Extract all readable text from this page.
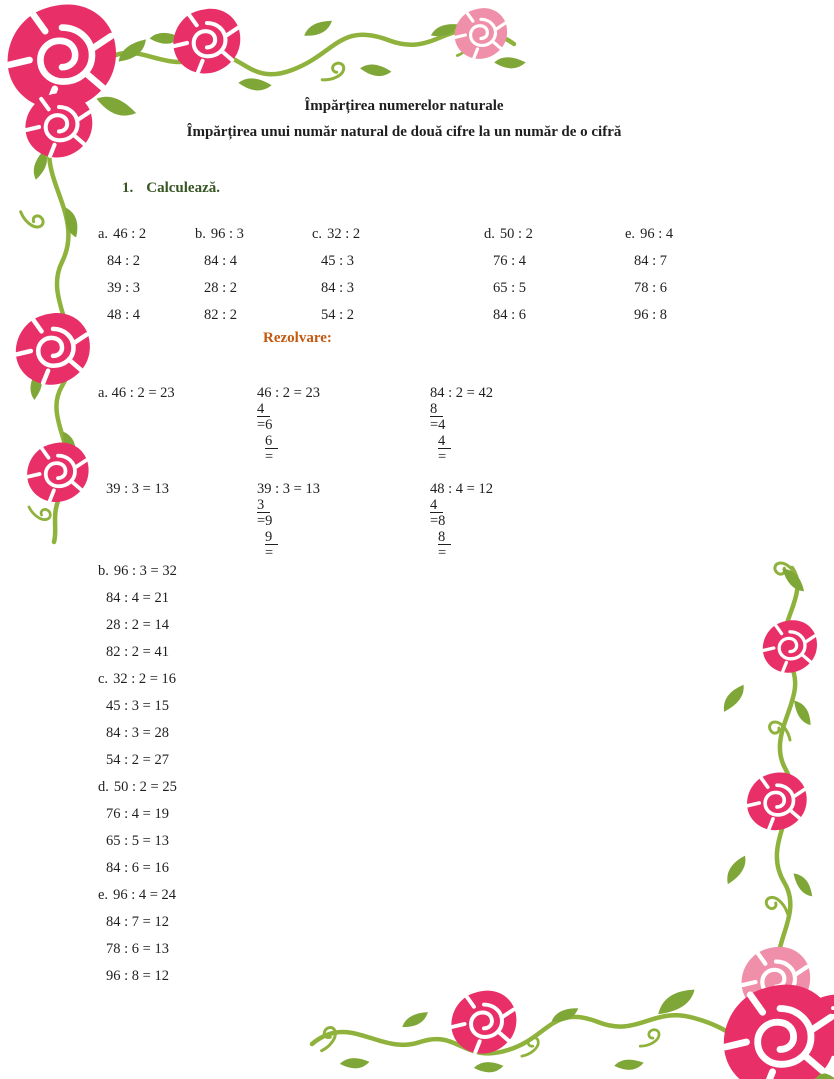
Împărțirea numerelor naturale
Împărțirea unui număr natural de două cifre la un număr de o cifră
1. Calculează.
a. 46 : 2
84 : 2
39 : 3
48 : 4
b. 96 : 3
84 : 4
28 : 2
82 : 2
c. 32 : 2
45 : 3
84 : 3
54 : 2
d. 50 : 2
76 : 4
65 : 5
84 : 6
e. 96 : 4
84 : 7
78 : 6
96 : 8
Rezolvare:
a. 46 : 2 = 23	46 : 2 = 23
4
=6
6
=
84 : 2 = 42
8
=4
4
=
39 : 3 = 13	39 : 3 = 13
3
=9
9
=
48 : 4 = 12
4
=8
8
=
b. 96 : 3 = 32
84 : 4 = 21
28 : 2 = 14
82 : 2 = 41
c. 32 : 2 = 16
45 : 3 = 15
84 : 3 = 28
54 : 2 = 27
d. 50 : 2 = 25
76 : 4 = 19
65 : 5 = 13
84 : 6 = 16
e. 96 : 4 = 24
84 : 7 = 12
78 : 6 = 13
96 : 8 = 12
